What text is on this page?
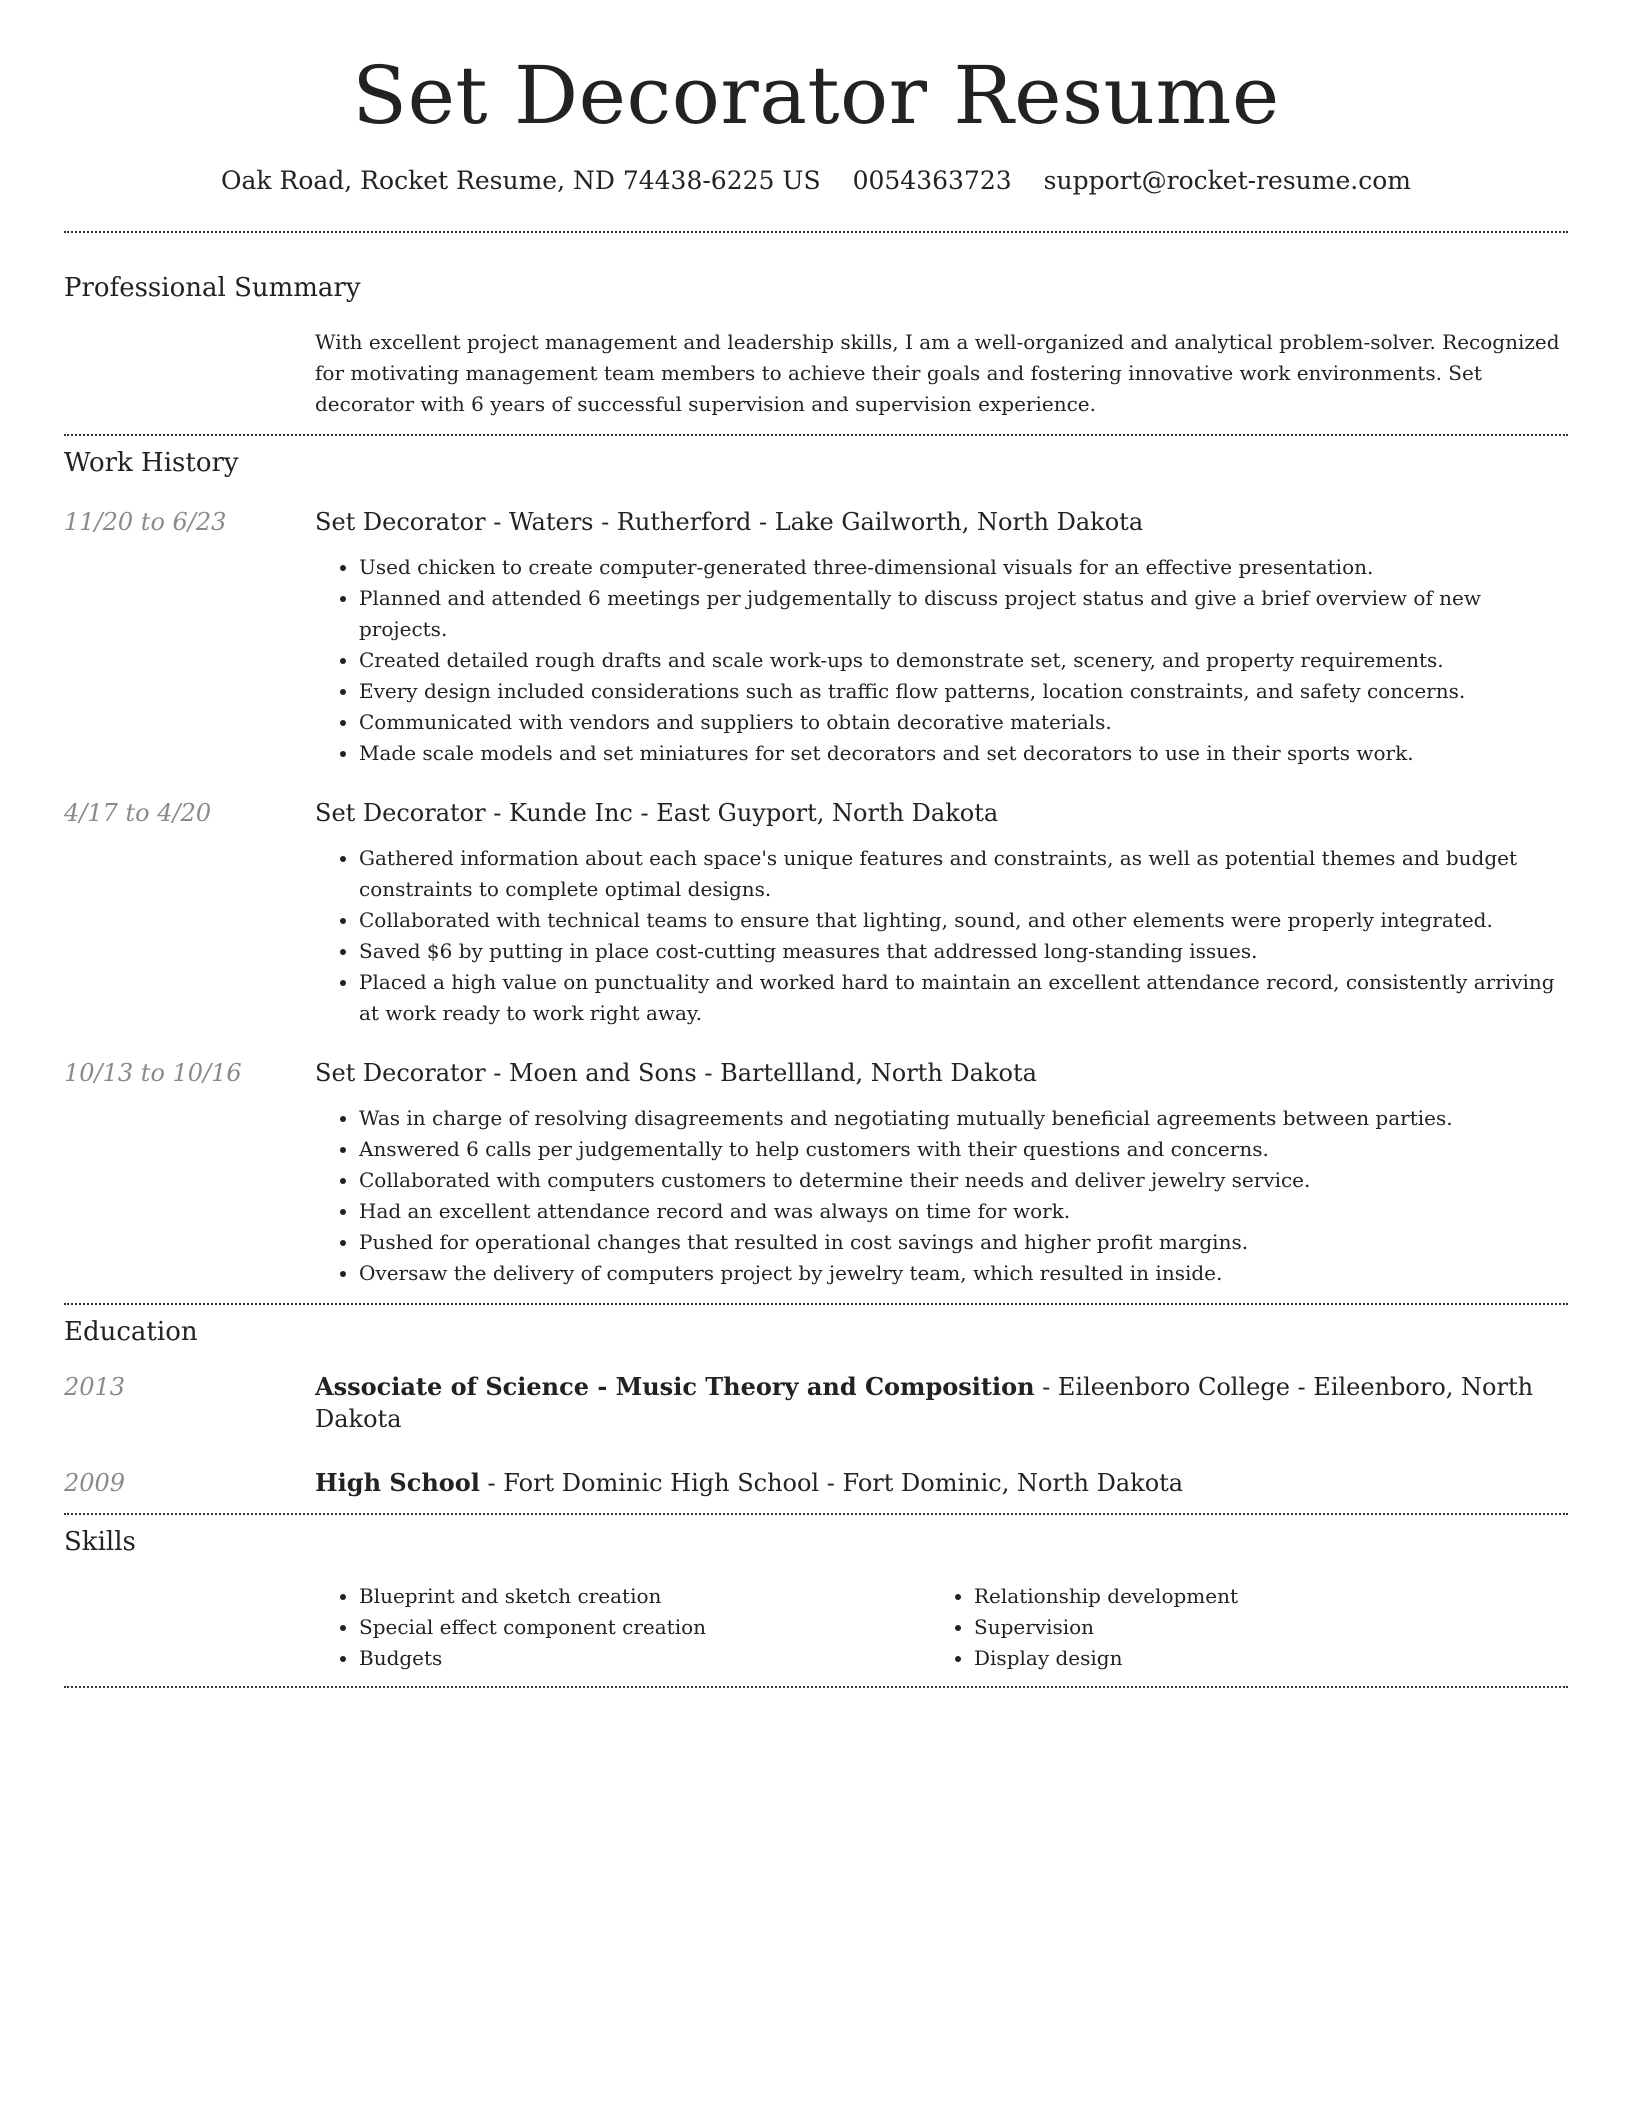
Set Decorator Resume
Oak Road, Rocket Resume, ND 74438-6225 US 0054363723 support@rocket-resume.com
Professional Summary

With excellent project management and leadership skills, I am a well-organized and analytical problem-solver. Recognized for motivating management team members to achieve their goals and fostering innovative work environments. Set decorator with 6 years of successful supervision and supervision experience.

Work History
11/20 to 6/23	Set Decorator - Waters - Rutherford - Lake Gailworth, North Dakota
• Used chicken to create computer-generated three-dimensional visuals for an effective presentation.
• Planned and attended 6 meetings per judgementally to discuss project status and give a brief overview of new projects.
• Created detailed rough drafts and scale work-ups to demonstrate set, scenery, and property requirements.
• Every design included considerations such as traffic flow patterns, location constraints, and safety concerns.
• Communicated with vendors and suppliers to obtain decorative materials.
• Made scale models and set miniatures for set decorators and set decorators to use in their sports work.
4/17 to 4/20	Set Decorator - Kunde Inc - East Guyport, North Dakota
• Gathered information about each space's unique features and constraints, as well as potential themes and budget constraints to complete optimal designs.
• Collaborated with technical teams to ensure that lighting, sound, and other elements were properly integrated.
• Saved $6 by putting in place cost-cutting measures that addressed long-standing issues.
• Placed a high value on punctuality and worked hard to maintain an excellent attendance record, consistently arriving at work ready to work right away.
10/13 to 10/16	Set Decorator - Moen and Sons - Bartellland, North Dakota
• Was in charge of resolving disagreements and negotiating mutually beneficial agreements between parties.
• Answered 6 calls per judgementally to help customers with their questions and concerns.
• Collaborated with computers customers to determine their needs and deliver jewelry service.
• Had an excellent attendance record and was always on time for work.
• Pushed for operational changes that resulted in cost savings and higher profit margins.
• Oversaw the delivery of computers project by jewelry team, which resulted in inside.
Education
2013	Associate of Science - Music Theory and Composition - Eileenboro College - Eileenboro, North Dakota
2009	High School - Fort Dominic High School - Fort Dominic, North Dakota
Skills
• Blueprint and sketch creation
• Special effect component creation
• Budgets
• Relationship development
• Supervision
• Display design
